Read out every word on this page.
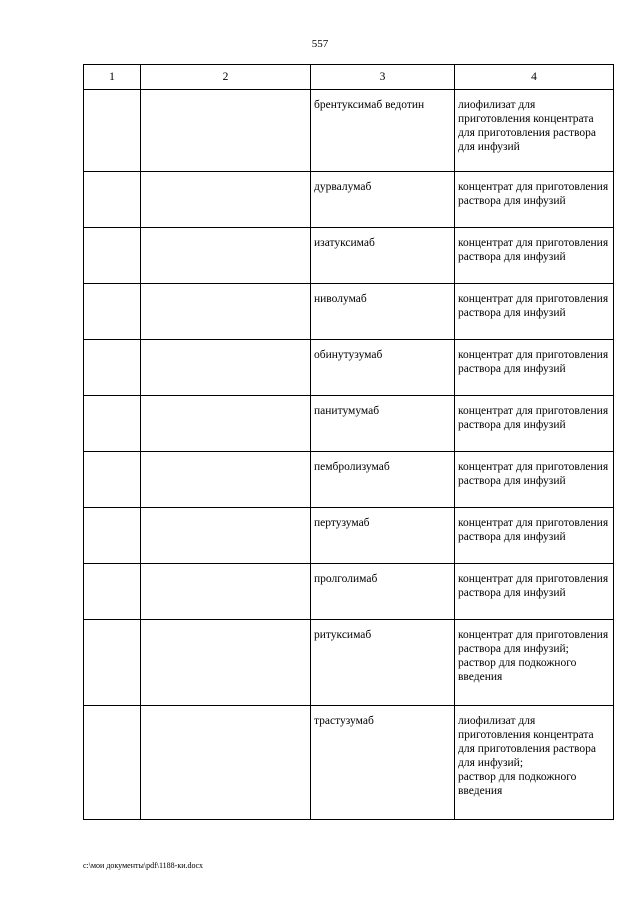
557
1	2	3	4

		брентуксимаб ведотин	лиофилизат для приготовления концентрата для приготовления раствора для инфузий

		дурвалумаб	концентрат для приготовления раствора для инфузий

		изатуксимаб	концентрат для приготовления раствора для инфузий

		ниволумаб	концентрат для приготовления раствора для инфузий

		обинутузумаб	концентрат для приготовления раствора для инфузий

		панитумумаб	концентрат для приготовления раствора для инфузий

		пембролизумаб	концентрат для приготовления раствора для инфузий

		пертузумаб	концентрат для приготовления раствора для инфузий

		пролголимаб	концентрат для приготовления раствора для инфузий

		ритуксимаб	концентрат для приготовления раствора для инфузий;
раствор для подкожного введения

		трастузумаб	лиофилизат для приготовления концентрата для приготовления раствора для инфузий;
раствор для подкожного введения
c:\мои документы\pdf\1188-ки.docx
